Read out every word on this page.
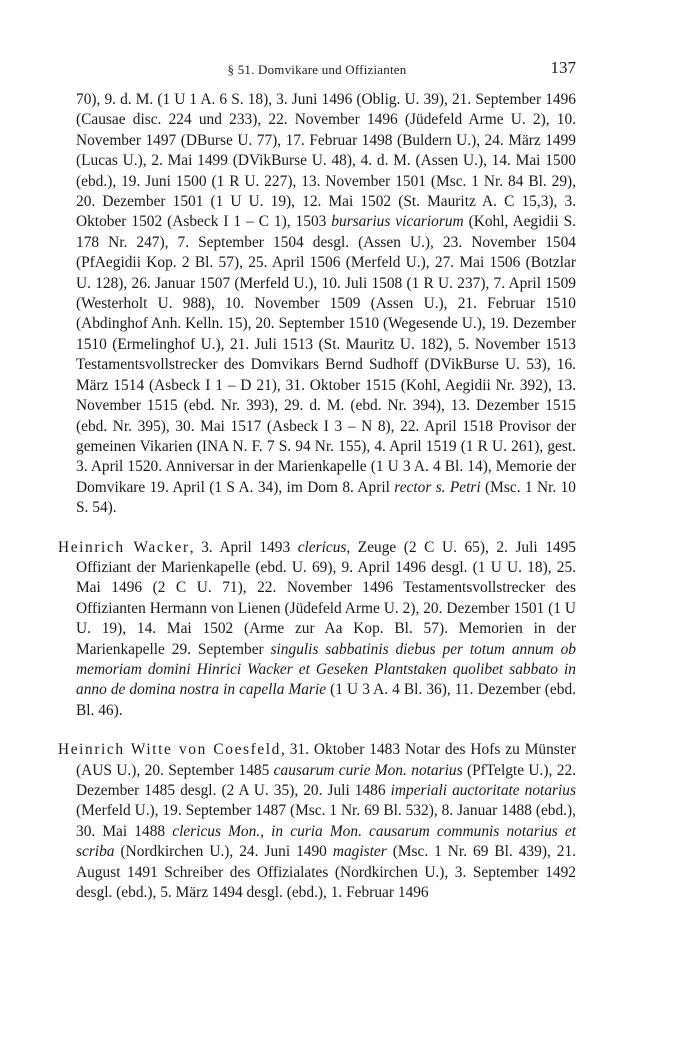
§ 51. Domvikare und Offizianten	137

70), 9. d. M. (1 U 1 A. 6 S. 18), 3. Juni 1496 (Oblig. U. 39), 21. September 1496 (Causae disc. 224 und 233), 22. November 1496 (Jüdefeld Arme U. 2), 10. November 1497 (DBurse U. 77), 17. Februar 1498 (Buldern U.), 24. März 1499 (Lucas U.), 2. Mai 1499 (DVikBurse U. 48), 4. d. M. (Assen U.), 14. Mai 1500 (ebd.), 19. Juni 1500 (1 R U. 227), 13. November 1501 (Msc. 1 Nr. 84 Bl. 29), 20. Dezember 1501 (1 U U. 19), 12. Mai 1502 (St. Mauritz A. C 15,3), 3. Oktober 1502 (Asbeck I 1 – C 1), 1503 bursarius vicariorum (Kohl, Aegidii S. 178 Nr. 247), 7. September 1504 desgl. (Assen U.), 23. November 1504 (PfAegidii Kop. 2 Bl. 57), 25. April 1506 (Merfeld U.), 27. Mai 1506 (Botzlar U. 128), 26. Januar 1507 (Merfeld U.), 10. Juli 1508 (1 R U. 237), 7. April 1509 (Westerholt U. 988), 10. November 1509 (Assen U.), 21. Februar 1510 (Abdinghof Anh. Kelln. 15), 20. September 1510 (Wegesende U.), 19. Dezember 1510 (Ermelinghof U.), 21. Juli 1513 (St. Mauritz U. 182), 5. November 1513 Testamentsvollstrecker des Domvikars Bernd Sudhoff (DVikBurse U. 53), 16. März 1514 (Asbeck I 1 – D 21), 31. Oktober 1515 (Kohl, Aegidii Nr. 392), 13. November 1515 (ebd. Nr. 393), 29. d. M. (ebd. Nr. 394), 13. Dezember 1515 (ebd. Nr. 395), 30. Mai 1517 (Asbeck I 3 – N 8), 22. April 1518 Provisor der gemeinen Vikarien (INA N. F. 7 S. 94 Nr. 155), 4. April 1519 (1 R U. 261), gest. 3. April 1520. Anniversar in der Marienkapelle (1 U 3 A. 4 Bl. 14), Memorie der Domvikare 19. April (1 S A. 34), im Dom 8. April rector s. Petri (Msc. 1 Nr. 10 S. 54).

Heinrich Wacker, 3. April 1493 clericus, Zeuge (2 C U. 65), 2. Juli 1495 Offiziant der Marienkapelle (ebd. U. 69), 9. April 1496 desgl. (1 U U. 18), 25. Mai 1496 (2 C U. 71), 22. November 1496 Testamentsvollstrecker des Offizianten Hermann von Lienen (Jüdefeld Arme U. 2), 20. Dezember 1501 (1 U U. 19), 14. Mai 1502 (Arme zur Aa Kop. Bl. 57). Memorien in der Marienkapelle 29. September singulis sabbatinis diebus per totum annum ob memoriam domini Hinrici Wacker et Geseken Plantstaken quolibet sabbato in anno de domina nostra in capella Marie (1 U 3 A. 4 Bl. 36), 11. Dezember (ebd. Bl. 46).

Heinrich Witte von Coesfeld, 31. Oktober 1483 Notar des Hofs zu Münster (AUS U.), 20. September 1485 causarum curie Mon. notarius (PfTelgte U.), 22. Dezember 1485 desgl. (2 A U. 35), 20. Juli 1486 imperiali auctoritate notarius (Merfeld U.), 19. September 1487 (Msc. 1 Nr. 69 Bl. 532), 8. Januar 1488 (ebd.), 30. Mai 1488 clericus Mon., in curia Mon. causarum communis notarius et scriba (Nordkirchen U.), 24. Juni 1490 magister (Msc. 1 Nr. 69 Bl. 439), 21. August 1491 Schreiber des Offizialates (Nordkirchen U.), 3. September 1492 desgl. (ebd.), 5. März 1494 desgl. (ebd.), 1. Februar 1496
